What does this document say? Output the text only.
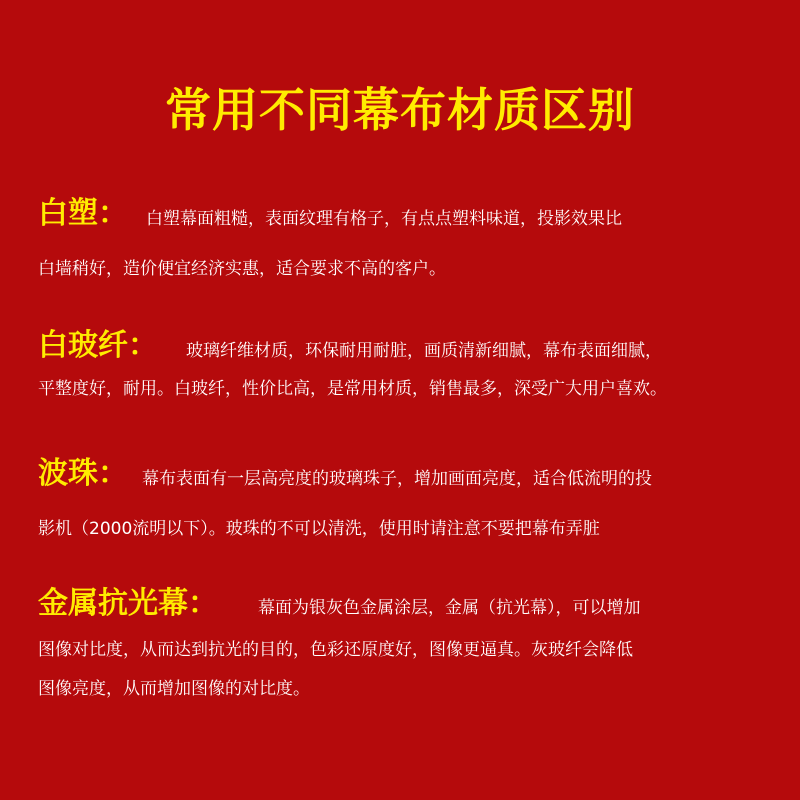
常用不同幕布材质区别
白塑： 白塑幕面粗糙，表面纹理有格子，有点点塑料味道，投影效果比
白墙稍好，造价便宜经济实惠，适合要求不高的客户。
白玻纤： 玻璃纤维材质，环保耐用耐脏，画质清新细腻，幕布表面细腻，
平整度好，耐用。白玻纤，性价比高，是常用材质，销售最多，深受广大用户喜欢。
波珠： 幕布表面有一层高亮度的玻璃珠子，增加画面亮度，适合低流明的投
影机（2000流明以下）。玻珠的不可以清洗，使用时请注意不要把幕布弄脏
金属抗光幕： 幕面为银灰色金属涂层，金属（抗光幕），可以增加
图像对比度，从而达到抗光的目的，色彩还原度好，图像更逼真。灰玻纤会降低
图像亮度，从而增加图像的对比度。
